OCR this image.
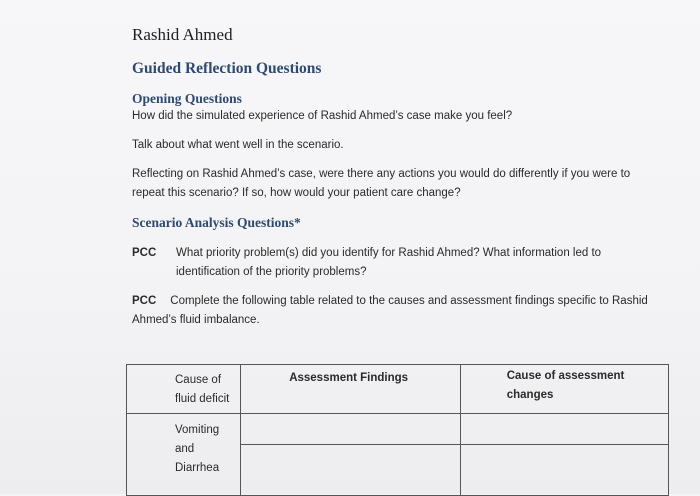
Rashid Ahmed
Guided Reflection Questions
Opening Questions
How did the simulated experience of Rashid Ahmed’s case make you feel?
Talk about what went well in the scenario.
Reflecting on Rashid Ahmed’s case, were there any actions you would do differently if you were to repeat this scenario? If so, how would your patient care change?
Scenario Analysis Questions*
PCC What priority problem(s) did you identify for Rashid Ahmed? What information led to identification of the priority problems?
PCC Complete the following table related to the causes and assessment findings specific to Rashid Ahmed’s fluid imbalance.
Cause of fluid deficit	Assessment Findings	Cause of assessment changes
Vomiting and Diarrhea		
